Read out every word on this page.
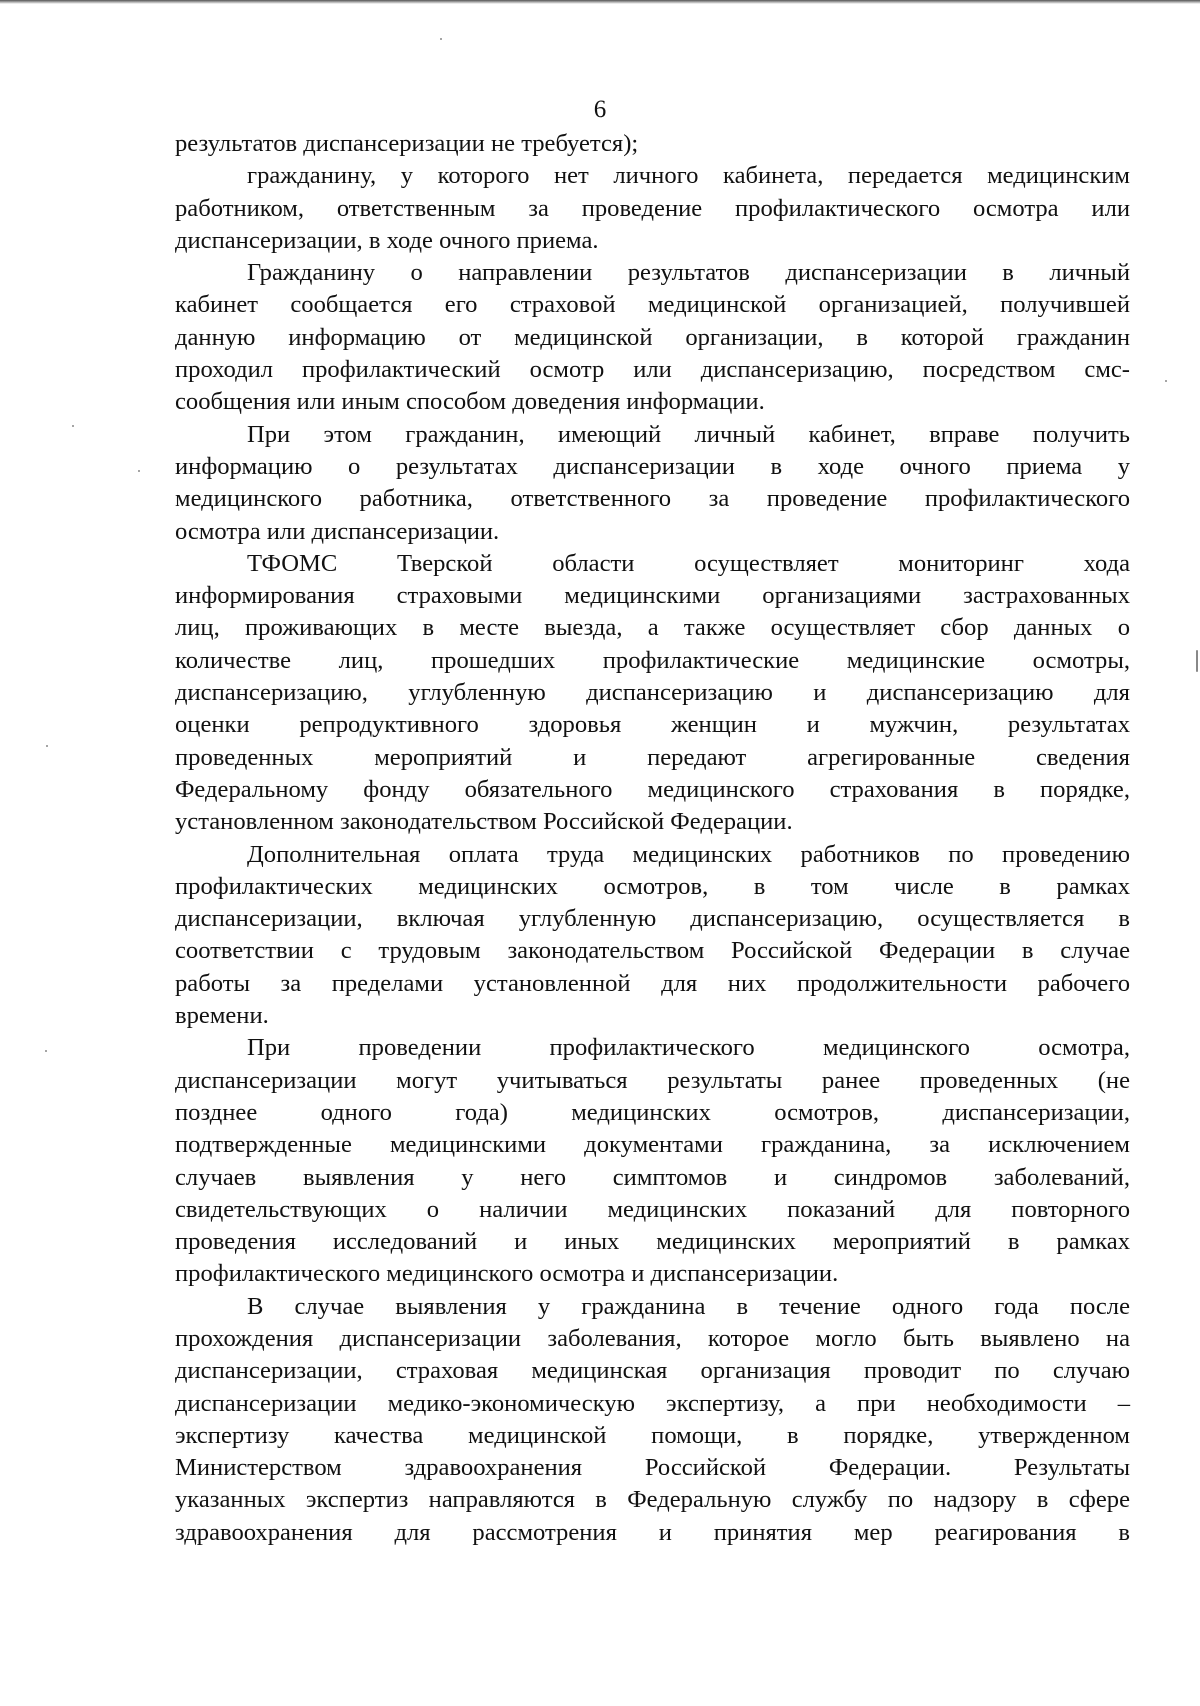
6
результатов диспансеризации не требуется);
гражданину, у которого нет личного кабинета, передается медицинским
работником, ответственным за проведение профилактического осмотра или
диспансеризации, в ходе очного приема.
Гражданину о направлении результатов диспансеризации в личный
кабинет сообщается его страховой медицинской организацией, получившей
данную информацию от медицинской организации, в которой гражданин
проходил профилактический осмотр или диспансеризацию, посредством смс-
сообщения или иным способом доведения информации.
При этом гражданин, имеющий личный кабинет, вправе получить
информацию о результатах диспансеризации в ходе очного приема у
медицинского работника, ответственного за проведение профилактического
осмотра или диспансеризации.
ТФОМС Тверской области осуществляет мониторинг хода
информирования страховыми медицинскими организациями застрахованных
лиц, проживающих в месте выезда, а также осуществляет сбор данных о
количестве лиц, прошедших профилактические медицинские осмотры,
диспансеризацию, углубленную диспансеризацию и диспансеризацию для
оценки репродуктивного здоровья женщин и мужчин, результатах
проведенных мероприятий и передают агрегированные сведения
Федеральному фонду обязательного медицинского страхования в порядке,
установленном законодательством Российской Федерации.
Дополнительная оплата труда медицинских работников по проведению
профилактических медицинских осмотров, в том числе в рамках
диспансеризации, включая углубленную диспансеризацию, осуществляется в
соответствии с трудовым законодательством Российской Федерации в случае
работы за пределами установленной для них продолжительности рабочего
времени.
При проведении профилактического медицинского осмотра,
диспансеризации могут учитываться результаты ранее проведенных (не
позднее одного года) медицинских осмотров, диспансеризации,
подтвержденные медицинскими документами гражданина, за исключением
случаев выявления у него симптомов и синдромов заболеваний,
свидетельствующих о наличии медицинских показаний для повторного
проведения исследований и иных медицинских мероприятий в рамках
профилактического медицинского осмотра и диспансеризации.
В случае выявления у гражданина в течение одного года после
прохождения диспансеризации заболевания, которое могло быть выявлено на
диспансеризации, страховая медицинская организация проводит по случаю
диспансеризации медико-экономическую экспертизу, а при необходимости –
экспертизу качества медицинской помощи, в порядке, утвержденном
Министерством здравоохранения Российской Федерации. Результаты
указанных экспертиз направляются в Федеральную службу по надзору в сфере
здравоохранения для рассмотрения и принятия мер реагирования в
